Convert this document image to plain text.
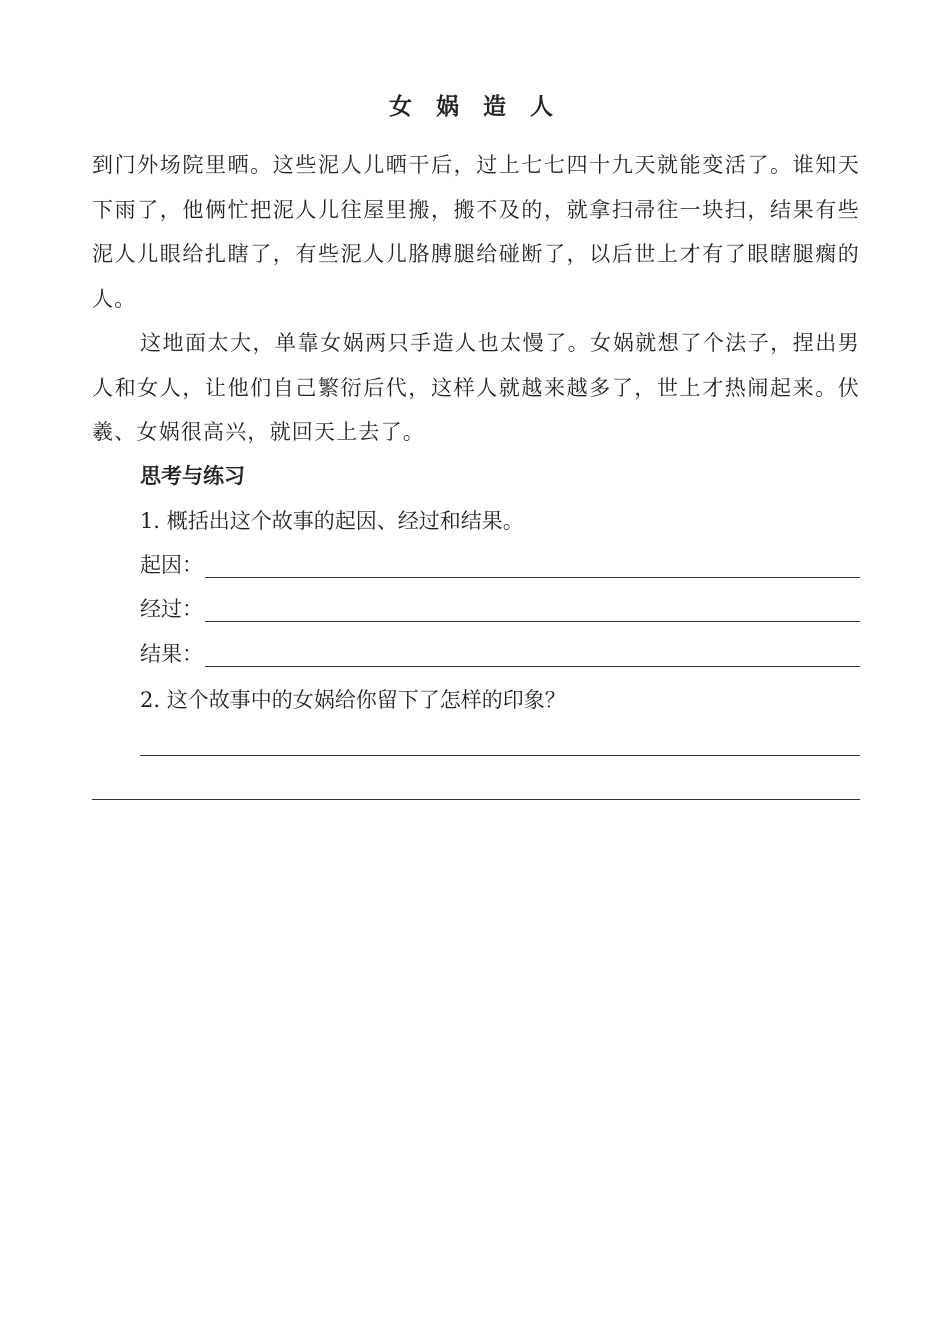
女 娲 造 人
到门外场院里晒。这些泥人儿晒干后，过上七七四十九天就能变活了。谁知天下雨了，他俩忙把泥人儿往屋里搬，搬不及的，就拿扫帚往一块扫，结果有些泥人儿眼给扎瞎了，有些泥人儿胳膊腿给碰断了，以后世上才有了眼瞎腿瘸的人。
这地面太大，单靠女娲两只手造人也太慢了。女娲就想了个法子，捏出男人和女人，让他们自己繁衍后代，这样人就越来越多了，世上才热闹起来。伏羲、女娲很高兴，就回天上去了。
思考与练习
1. 概括出这个故事的起因、经过和结果。
起因：
经过：
结果：
2. 这个故事中的女娲给你留下了怎样的印象？
